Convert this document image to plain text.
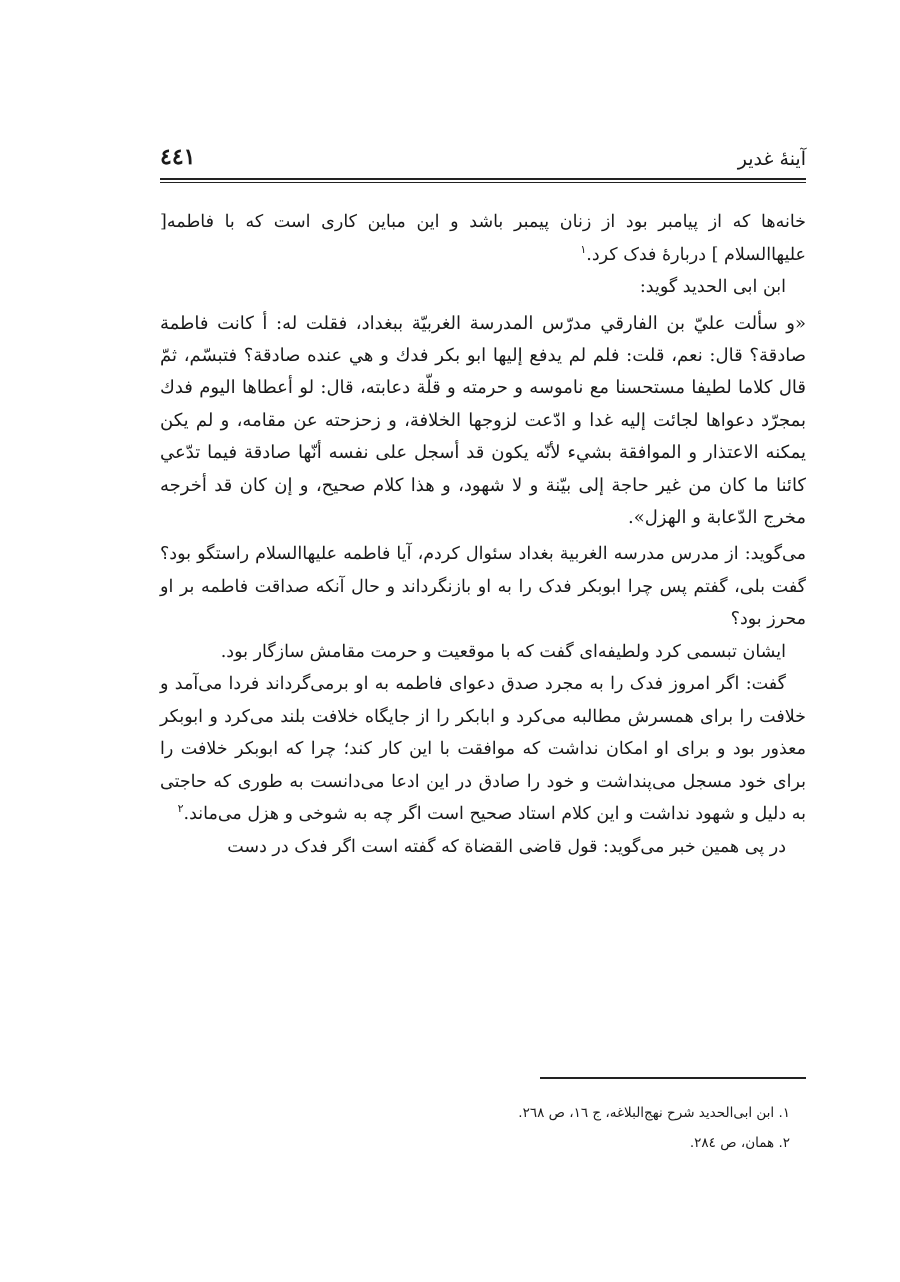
آینهٔ غدیر
٤٤١

خانه‌ها که از پیامبر بود از زنان پیمبر باشد و این مباین کاری است که با فاطمه[ علیهاالسلام ] دربارهٔ فدک کرد.$^١$

ابن ابی الحدید گوید:

«و سألت عليّ بن الفارقي مدرّس المدرسة الغربيّة ببغداد، فقلت له: أ كانت فاطمة صادقة؟ قال: نعم، قلت: فلم لم يدفع إليها ابو بكر فدك و هي عنده صادقة؟ فتبسّم، ثمّ قال كلاما لطيفا مستحسنا مع ناموسه و حرمته و قلّة دعابته، قال: لو أعطاها اليوم فدك بمجرّد دعواها لجائت إليه غدا و ادّعت لزوجها الخلافة، و زحزحته عن مقامه، و لم يكن يمكنه الاعتذار و الموافقة بشيء لأنّه يكون قد أسجل على نفسه أنّها صادقة فيما تدّعي كائنا ما كان من غير حاجة إلى بيّنة و لا شهود، و هذا كلام صحيح، و إن كان قد أخرجه مخرج الدّعابة و الهزل».

می‌گوید: از مدرس مدرسه الغربیة بغداد سئوال کردم، آیا فاطمه علیهاالسلام راستگو بود؟ گفت بلی، گفتم پس چرا ابوبکر فدک را به او بازنگرداند و حال آنکه صداقت فاطمه بر او محرز بود؟

ایشان تبسمی کرد ولطیفه‌ای گفت که با موقعیت و حرمت مقامش سازگار بود.

گفت: اگر امروز فدک را به مجرد صدق دعوای فاطمه به او برمی‌گرداند فردا می‌آمد و خلافت را برای همسرش مطالبه می‌کرد و ابابکر را از جایگاه خلافت بلند می‌کرد و ابوبکر معذور بود و برای او امکان نداشت که موافقت با این کار کند؛ چرا که ابوبکر خلافت را برای خود مسجل می‌پنداشت و خود را صادق در این ادعا می‌دانست به طوری که حاجتی به دلیل و شهود نداشت و این کلام استاد صحیح است اگر چه به شوخی و هزل می‌ماند.$^٢$

در پی همین خبر می‌گوید: قول قاضی القضاة که گفته است اگر فدک در دست

١. ابن ابی‌الحدید شرح نهج‌البلاغه، ج ١٦، ص ٢٦٨.
٢. همان، ص ٢٨٤.
